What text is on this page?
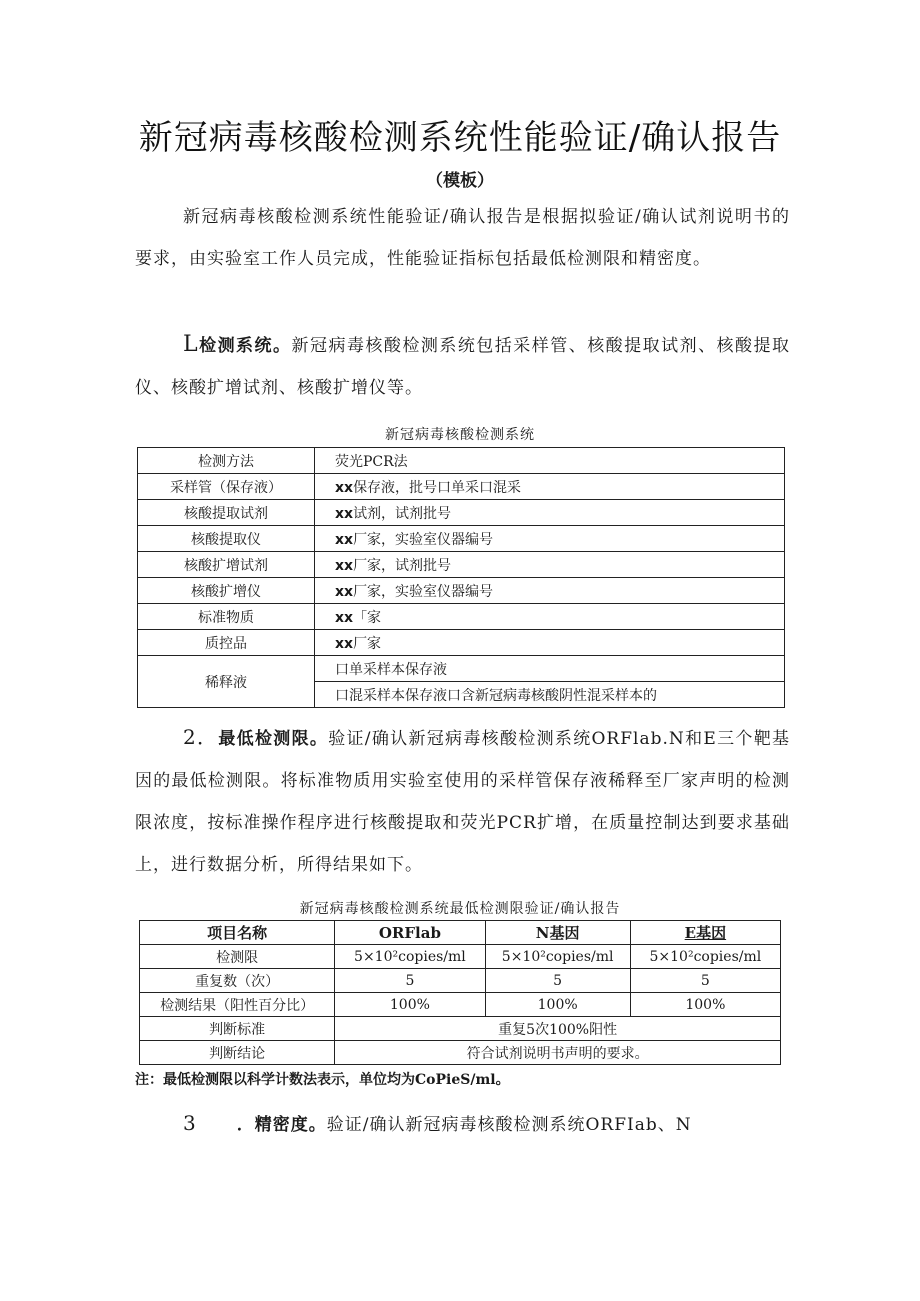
新冠病毒核酸检测系统性能验证/确认报告
（模板）
新冠病毒核酸检测系统性能验证/确认报告是根据拟验证/确认试剂说明书的要求，由实验室工作人员完成，性能验证指标包括最低检测限和精密度。
L检测系统。新冠病毒核酸检测系统包括采样管、核酸提取试剂、核酸提取仪、核酸扩增试剂、核酸扩增仪等。
新冠病毒核酸检测系统
检测方法	荧光PCR法
采样管（保存液）	xx保存液，批号口单采口混采
核酸提取试剂	xx试剂，试剂批号
核酸提取仪	xx厂家，实验室仪器编号
核酸扩增试剂	xx厂家，试剂批号
核酸扩增仪	xx厂家，实验室仪器编号
标准物质	xx「家
质控品	xx厂家
稀释液	口单采样本保存液
	口混采样本保存液口含新冠病毒核酸阴性混采样本的
2．最低检测限。验证/确认新冠病毒核酸检测系统ORFlab.N和E三个靶基因的最低检测限。将标准物质用实验室使用的采样管保存液稀释至厂家声明的检测限浓度，按标准操作程序进行核酸提取和荧光PCR扩增，在质量控制达到要求基础上，进行数据分析，所得结果如下。
新冠病毒核酸检测系统最低检测限验证/确认报告
项目名称	ORFlab	N基因	E基因
检测限	5×10²copies/ml	5×10²copies/ml	5×10²copies/ml
重复数（次）	5	5	5
检测结果（阳性百分比）	100%	100%	100%
判断标准	重复5次100%阳性		
判断结论	符合试剂说明书声明的要求。		
注：最低检测限以科学计数法表示，单位均为CoPieS/ml。
3 ．精密度。验证/确认新冠病毒核酸检测系统ORFIab、N
